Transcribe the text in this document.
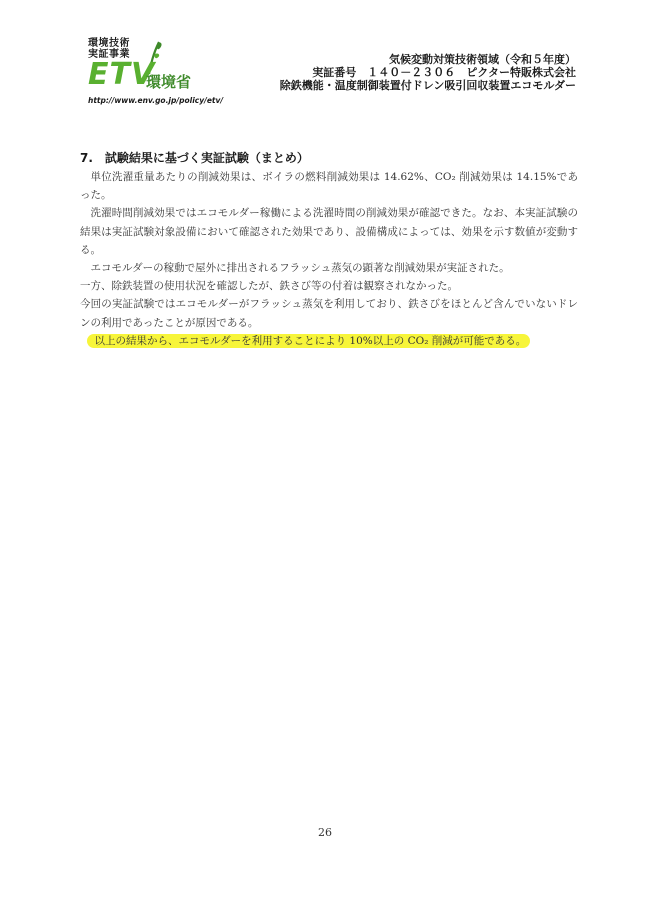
環境技術
実証事業
ETV
環境省
http://www.env.go.jp/policy/etv/
気候変動対策技術領域（令和５年度）
実証番号　１４０－２３０６　ピクター特販株式会社
除鉄機能・温度制御装置付ドレン吸引回収装置エコモルダー
7.　試験結果に基づく実証試験（まとめ）

単位洗濯重量あたりの削減効果は、ボイラの燃料削減効果は 14.62%、CO₂ 削減効果は 14.15%であった。

洗濯時間削減効果ではエコモルダー稼働による洗濯時間の削減効果が確認できた。なお、本実証試験の結果は実証試験対象設備において確認された効果であり、設備構成によっては、効果を示す数値が変動する。

エコモルダーの稼動で屋外に排出されるフラッシュ蒸気の顕著な削減効果が実証された。

一方、除鉄装置の使用状況を確認したが、鉄さび等の付着は観察されなかった。

今回の実証試験ではエコモルダーがフラッシュ蒸気を利用しており、鉄さびをほとんど含んでいないドレンの利用であったことが原因である。

以上の結果から、エコモルダーを利用することにより 10%以上の CO₂ 削減が可能である。

26
